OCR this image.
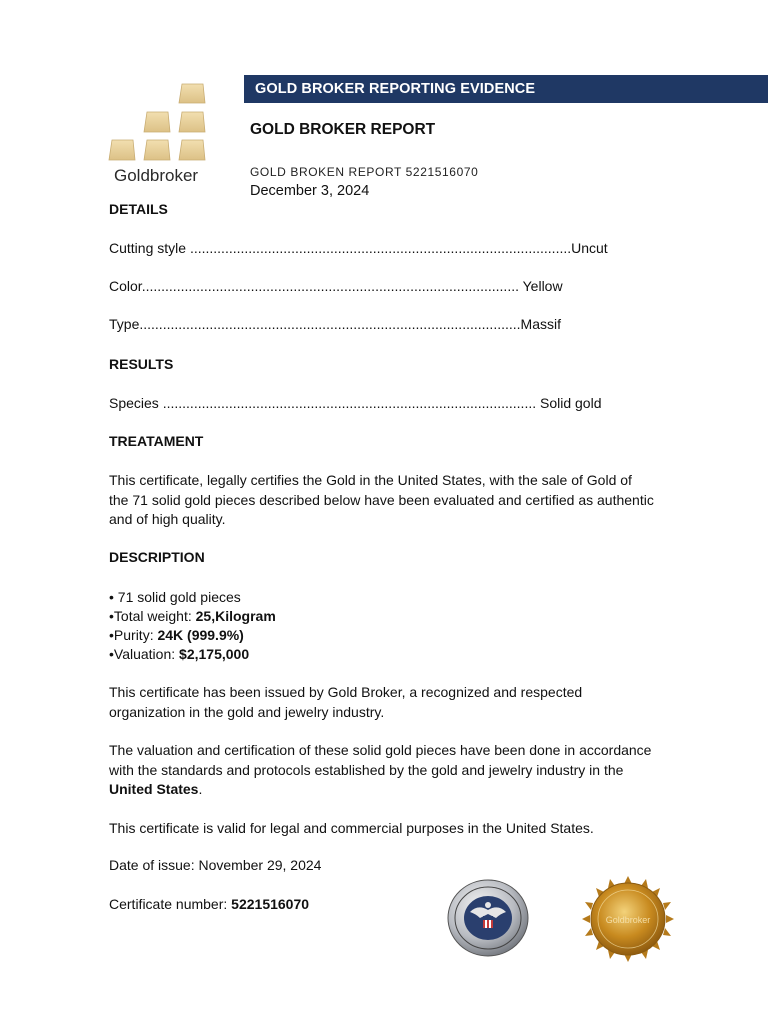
GOLD BROKER REPORTING EVIDENCE
Goldbroker
GOLD BROKER REPORT
GOLD BROKEN REPORT 5221516070
December 3, 2024
DETAILS
Cutting style ..................................................................................................Uncut
Color................................................................................................. Yellow
Type..................................................................................................Massif
RESULTS
Species ................................................................................................ Solid gold
TREATAMENT
This certificate, legally certifies the Gold in the United States, with the sale of Gold of the 71 solid gold pieces described below have been evaluated and certified as authentic and of high quality.
DESCRIPTION
• 71 solid gold pieces
•Total weight: 25,Kilogram
•Purity: 24K (999.9%)
•Valuation: $2,175,000
This certificate has been issued by Gold Broker, a recognized and respected organization in the gold and jewelry industry.
The valuation and certification of these solid gold pieces have been done in accordance with the standards and protocols established by the gold and jewelry industry in the United States.
This certificate is valid for legal and commercial purposes in the United States.
Date of issue: November 29, 2024
Certificate number: 5221516070
Goldbroker
